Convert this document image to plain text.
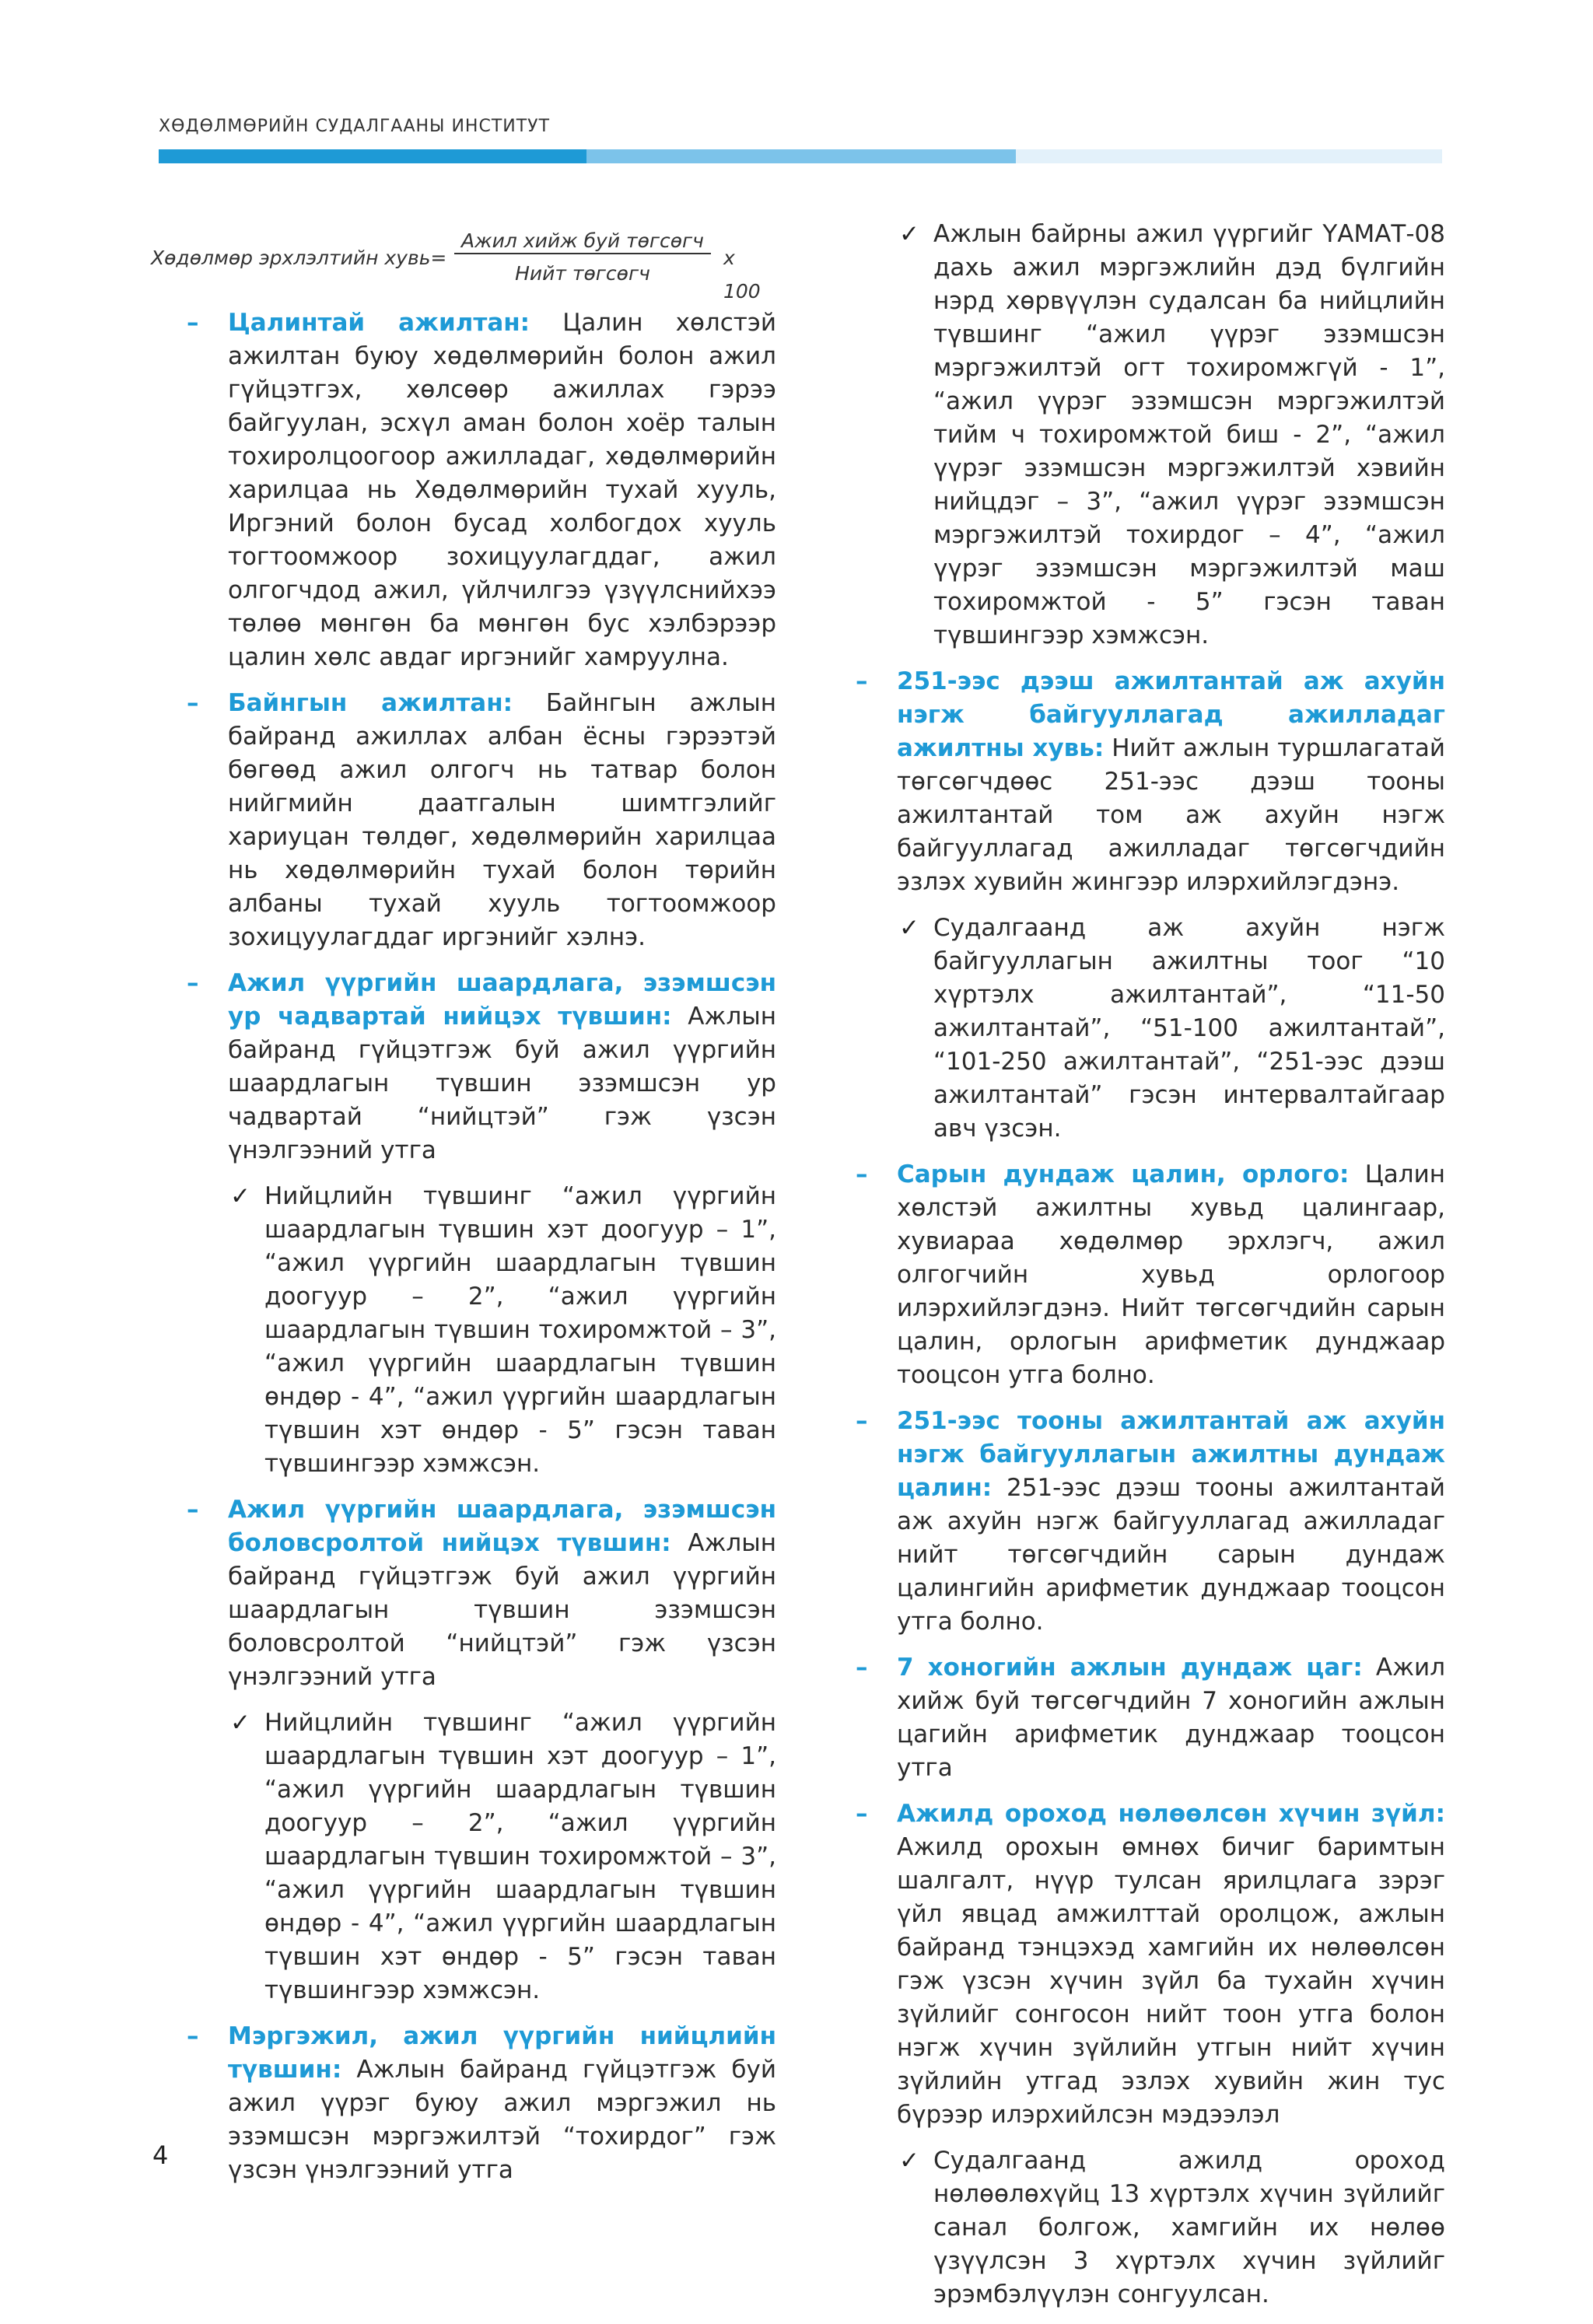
ХӨДӨЛМӨРИЙН СУДАЛГААНЫ ИНСТИТУТ
Хөдөлмөр эрхлэлтийн хувь=
Ажил хийж буй төгсөгч
Нийт төгсөгч
x 100
– Цалинтай ажилтан: Цалин хөлстэй ажилтан буюу хөдөлмөрийн болон ажил гүйцэтгэх, хөлсөөр ажиллах гэрээ байгуулан, эсхүл аман болон хоёр талын тохиролцоогоор ажилладаг, хөдөлмөрийн харилцаа нь Хөдөлмөрийн тухай хууль, Иргэний болон бусад холбогдох хууль тогтоомжоор зохицуулагддаг, ажил олгогчдод ажил, үйлчилгээ үзүүлснийхээ төлөө мөнгөн ба мөнгөн бус хэлбэрээр цалин хөлс авдаг иргэнийг хамруулна.
– Байнгын ажилтан: Байнгын ажлын байранд ажиллах албан ёсны гэрээтэй бөгөөд ажил олгогч нь татвар болон нийгмийн даатгалын шимтгэлийг хариуцан төлдөг, хөдөлмөрийн харилцаа нь хөдөлмөрийн тухай болон төрийн албаны тухай хууль тогтоомжоор зохицуулагддаг иргэнийг хэлнэ.
– Ажил үүргийн шаардлага, эзэмшсэн ур чадвартай нийцэх түвшин: Ажлын байранд гүйцэтгэж буй ажил үүргийн шаардлагын түвшин эзэмшсэн ур чадвартай “нийцтэй” гэж үзсэн үнэлгээний утга
✓ Нийцлийн түвшинг “ажил үүргийн шаардлагын түвшин хэт доогуур – 1”, “ажил үүргийн шаардлагын түвшин доогуур – 2”, “ажил үүргийн шаардлагын түвшин тохиромжтой – 3”, “ажил үүргийн шаардлагын түвшин өндөр - 4”, “ажил үүргийн шаардлагын түвшин хэт өндөр - 5” гэсэн таван түвшингээр хэмжсэн.
– Ажил үүргийн шаардлага, эзэмшсэн боловсролтой нийцэх түвшин: Ажлын байранд гүйцэтгэж буй ажил үүргийн шаардлагын түвшин эзэмшсэн боловсролтой “нийцтэй” гэж үзсэн үнэлгээний утга
✓ Нийцлийн түвшинг “ажил үүргийн шаардлагын түвшин хэт доогуур – 1”, “ажил үүргийн шаардлагын түвшин доогуур – 2”, “ажил үүргийн шаардлагын түвшин тохиромжтой – 3”, “ажил үүргийн шаардлагын түвшин өндөр - 4”, “ажил үүргийн шаардлагын түвшин хэт өндөр - 5” гэсэн таван түвшингээр хэмжсэн.
– Мэргэжил, ажил үүргийн нийцлийн түвшин: Ажлын байранд гүйцэтгэж буй ажил үүрэг буюу ажил мэргэжил нь эзэмшсэн мэргэжилтэй “тохирдог” гэж үзсэн үнэлгээний утга
✓ Ажлын байрны ажил үүргийг ҮАМАТ-08 дахь ажил мэргэжлийн дэд бүлгийн нэрд хөрвүүлэн судалсан ба нийцлийн түвшинг “ажил үүрэг эзэмшсэн мэргэжилтэй огт тохиромжгүй - 1”, “ажил үүрэг эзэмшсэн мэргэжилтэй тийм ч тохиромжтой биш - 2”, “ажил үүрэг эзэмшсэн мэргэжилтэй хэвийн нийцдэг – 3”, “ажил үүрэг эзэмшсэн мэргэжилтэй тохирдог – 4”, “ажил үүрэг эзэмшсэн мэргэжилтэй маш тохиромжтой - 5” гэсэн таван түвшингээр хэмжсэн.
– 251-ээс дээш ажилтантай аж ахуйн нэгж байгууллагад ажилладаг ажилтны хувь: Нийт ажлын туршлагатай төгсөгчдөөс 251-ээс дээш тооны ажилтантай том аж ахуйн нэгж байгууллагад ажилладаг төгсөгчдийн эзлэх хувийн жингээр илэрхийлэгдэнэ.
✓ Судалгаанд аж ахуйн нэгж байгууллагын ажилтны тоог “10 хүртэлх ажилтантай”, “11-50 ажилтантай”, “51-100 ажилтантай”, “101-250 ажилтантай”, “251-ээс дээш ажилтантай” гэсэн интервалтайгаар авч үзсэн.
– Сарын дундаж цалин, орлого: Цалин хөлстэй ажилтны хувьд цалингаар, хувиараа хөдөлмөр эрхлэгч, ажил олгогчийн хувьд орлогоор илэрхийлэгдэнэ. Нийт төгсөгчдийн сарын цалин, орлогын арифметик дунджаар тооцсон утга болно.
– 251-ээс тооны ажилтантай аж ахуйн нэгж байгууллагын ажилтны дундаж цалин: 251-ээс дээш тооны ажилтантай аж ахуйн нэгж байгууллагад ажилладаг нийт төгсөгчдийн сарын дундаж цалингийн арифметик дунджаар тооцсон утга болно.
– 7 хоногийн ажлын дундаж цаг: Ажил хийж буй төгсөгчдийн 7 хоногийн ажлын цагийн арифметик дунджаар тооцсон утга
– Ажилд ороход нөлөөлсөн хүчин зүйл: Ажилд орохын өмнөх бичиг баримтын шалгалт, нүүр тулсан ярилцлага зэрэг үйл явцад амжилттай оролцож, ажлын байранд тэнцэхэд хамгийн их нөлөөлсөн гэж үзсэн хүчин зүйл ба тухайн хүчин зүйлийг сонгосон нийт тоон утга болон нэгж хүчин зүйлийн утгын нийт хүчин зүйлийн утгад эзлэх хувийн жин тус бүрээр илэрхийлсэн мэдээлэл
✓ Судалгаанд ажилд ороход нөлөөлөхүйц 13 хүртэлх хүчин зүйлийг санал болгож, хамгийн их нөлөө үзүүлсэн 3 хүртэлх хүчин зүйлийг эрэмбэлүүлэн сонгуулсан.
4
